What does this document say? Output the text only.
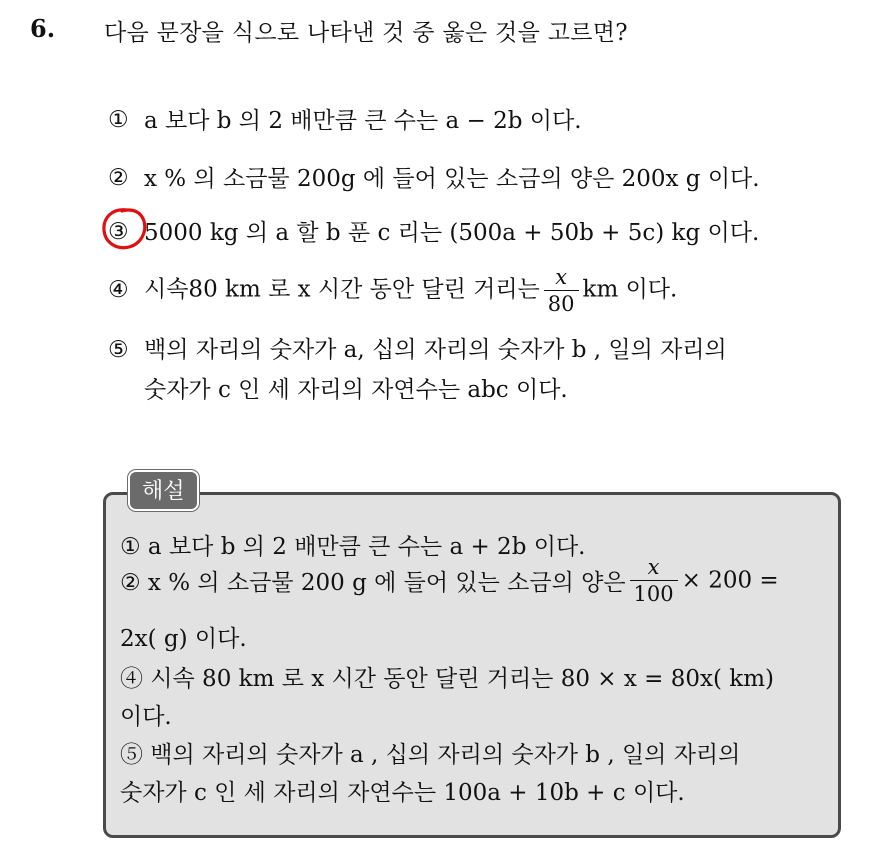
6. 다음 문장을 식으로 나타낸 것 중 옳은 것을 고르면?
① a 보다 b 의 2 배만큼 큰 수는 a − 2b 이다.
② x % 의 소금물 200g 에 들어 있는 소금의 양은 200x g 이다.
③ 5000 kg 의 a 할 b 푼 c 리는 (500a + 50b + 5c) kg 이다.
④ 시속80 km 로 x 시간 동안 달린 거리는 $\frac{x}{80}$ km 이다.
⑤ 백의 자리의 숫자가 a, 십의 자리의 숫자가 b , 일의 자리의
숫자가 c 인 세 자리의 자연수는 abc 이다.
해설
① a 보다 b 의 2 배만큼 큰 수는 a + 2b 이다.
② x % 의 소금물 200 g 에 들어 있는 소금의 양은 $\frac{x}{100} \times 200$ =
2x( g) 이다.
④ 시속 80 km 로 x 시간 동안 달린 거리는 80 × x = 80x( km)
이다.
⑤ 백의 자리의 숫자가 a , 십의 자리의 숫자가 b , 일의 자리의
숫자가 c 인 세 자리의 자연수는 100a + 10b + c 이다.
